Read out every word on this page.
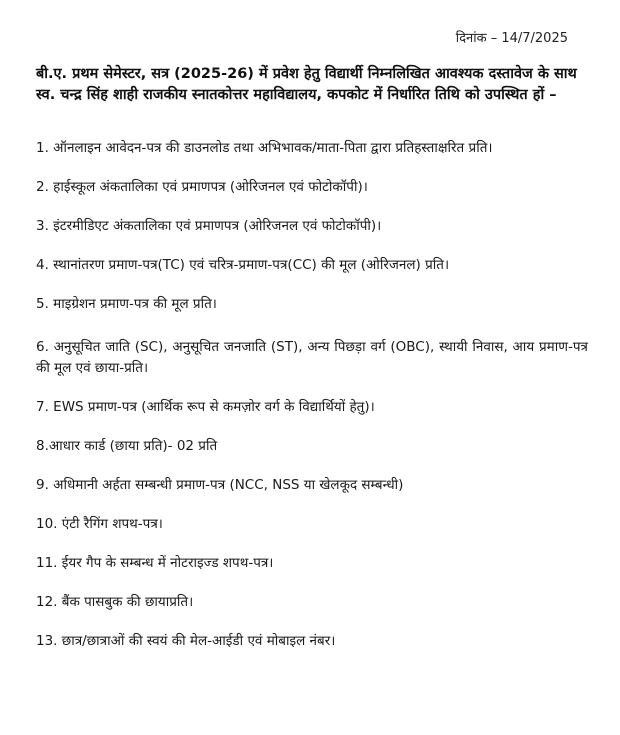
दिनांक – 14/7/2025
बी.ए. प्रथम सेमेस्टर, सत्र (2025-26) में प्रवेश हेतु विद्यार्थी निम्नलिखित आवश्यक दस्तावेज के साथ स्व. चन्द्र सिंह शाही राजकीय स्नातकोत्तर महाविद्यालय, कपकोट में निर्धारित तिथि को उपस्थित हों –
1. ऑनलाइन आवेदन-पत्र की डाउनलोड तथा अभिभावक/माता-पिता द्वारा प्रतिहस्ताक्षरित प्रति।
2. हाईस्कूल अंकतालिका एवं प्रमाणपत्र (ओरिजनल एवं फोटोकॉपी)।
3. इंटरमीडिएट अंकतालिका एवं प्रमाणपत्र (ओरिजनल एवं फोटोकॉपी)।
4. स्थानांतरण प्रमाण-पत्र(TC) एवं चरित्र-प्रमाण-पत्र(CC) की मूल (ओरिजनल) प्रति।
5. माइग्रेशन प्रमाण-पत्र की मूल प्रति।
6. अनुसूचित जाति (SC), अनुसूचित जनजाति (ST), अन्य पिछड़ा वर्ग (OBC), स्थायी निवास, आय प्रमाण-पत्र की मूल एवं छाया-प्रति।
7. EWS प्रमाण-पत्र (आर्थिक रूप से कमज़ोर वर्ग के विद्यार्थियों हेतु)।
8.आधार कार्ड (छाया प्रति)- 02 प्रति
9. अधिमानी अर्हता सम्बन्धी प्रमाण-पत्र (NCC, NSS या खेलकूद सम्बन्धी)
10. एंटी रैगिंग शपथ-पत्र।
11. ईयर गैप के सम्बन्ध में नोटराइज्ड शपथ-पत्र।
12. बैंक पासबुक की छायाप्रति।
13. छात्र/छात्राओं की स्वयं की मेल-आईडी एवं मोबाइल नंबर।
